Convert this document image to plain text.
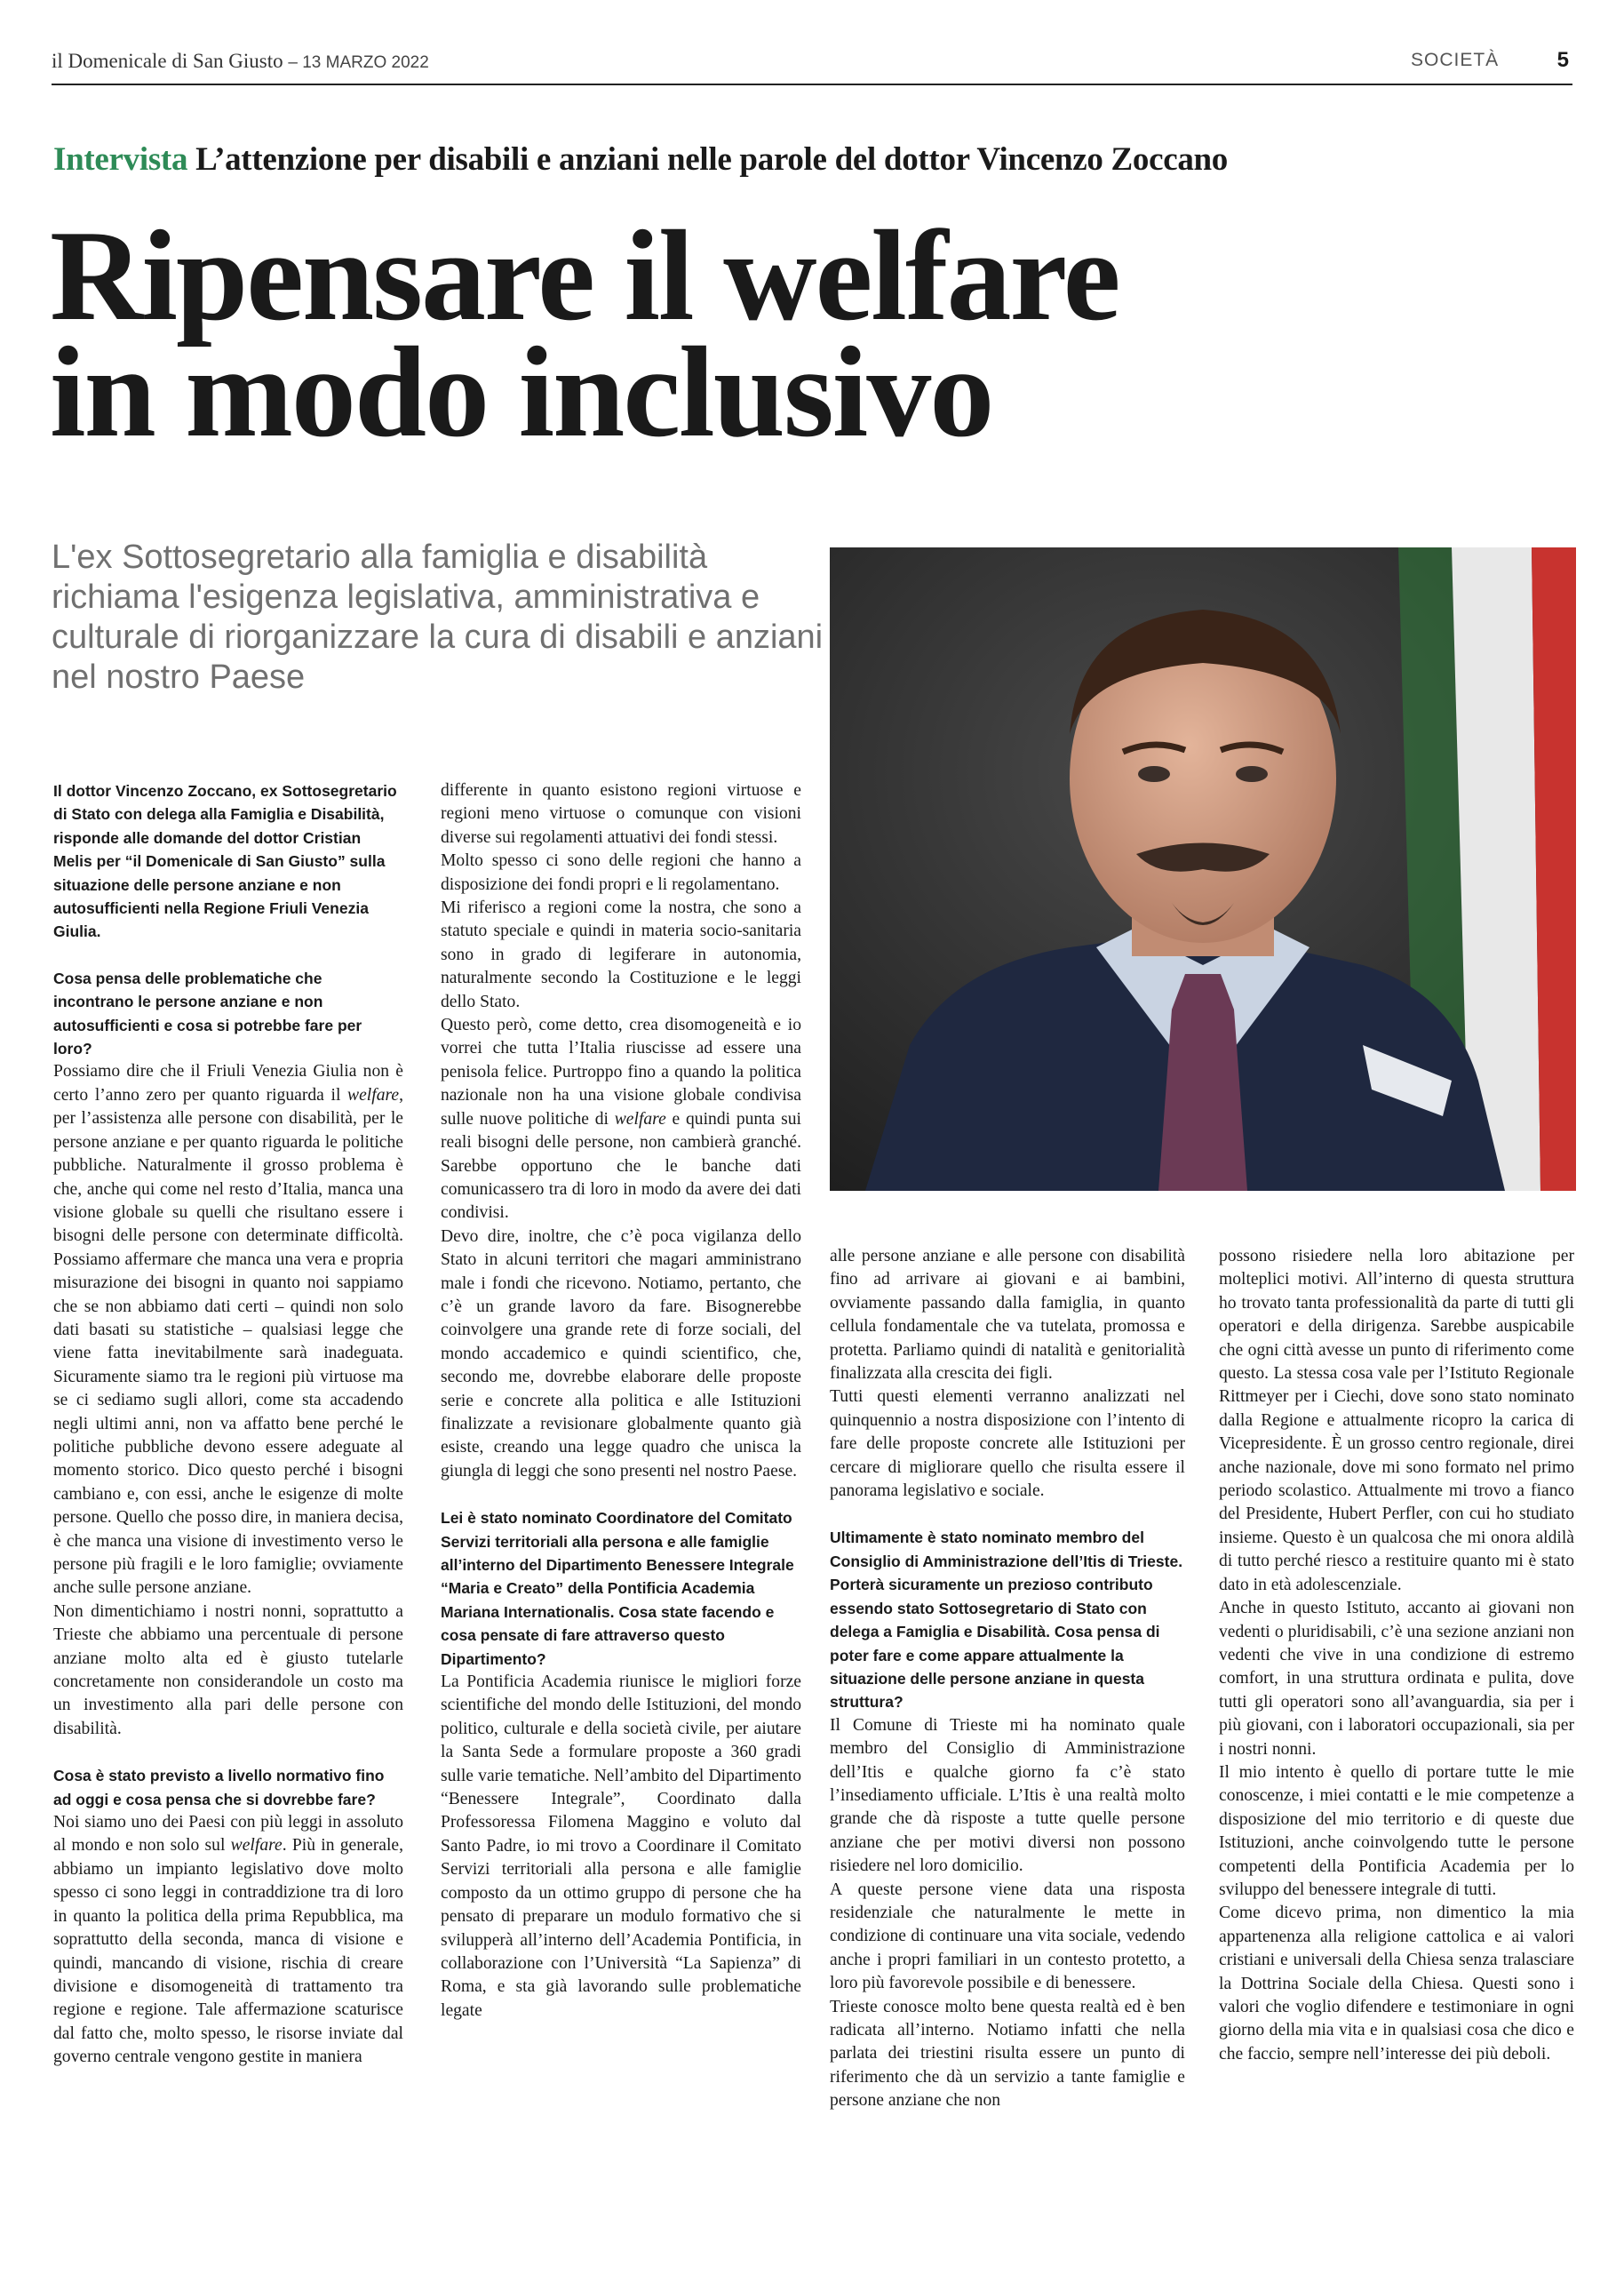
il Domenicale di San Giusto – 13 MARZO 2022	SOCIETÀ	5
Intervista L’attenzione per disabili e anziani nelle parole del dottor Vincenzo Zoccano
Ripensare il welfare
in modo inclusivo
L'ex Sottosegretario alla famiglia e disabilità richiama l'esigenza legislativa, amministrativa e culturale di riorganizzare la cura di disabili e anziani nel nostro Paese

Il dottor Vincenzo Zoccano, ex Sottosegretario di Stato con delega alla Famiglia e Disabilità, risponde alle domande del dottor Cristian Melis per “il Domenicale di San Giusto” sulla situazione delle persone anziane e non autosufficienti nella Regione Friuli Venezia Giulia.

Cosa pensa delle problematiche che incontrano le persone anziane e non autosufficienti e cosa si potrebbe fare per loro?

Possiamo dire che il Friuli Venezia Giulia non è certo l’anno zero per quanto riguarda il welfare, per l’assistenza alle persone con disabilità, per le persone anziane e per quanto riguarda le politiche pubbliche. Naturalmente il grosso problema è che, anche qui come nel resto d’Italia, manca una visione globale su quelli che risultano essere i bisogni delle persone con determinate difficoltà. Possiamo affermare che manca una vera e propria misurazione dei bisogni in quanto noi sappiamo che se non abbiamo dati certi – quindi non solo dati basati su statistiche – qualsiasi legge che viene fatta inevitabilmente sarà inadeguata. Sicuramente siamo tra le regioni più virtuose ma se ci sediamo sugli allori, come sta accadendo negli ultimi anni, non va affatto bene perché le politiche pubbliche devono essere adeguate al momento storico. Dico questo perché i bisogni cambiano e, con essi, anche le esigenze di molte persone. Quello che posso dire, in maniera decisa, è che manca una visione di investimento verso le persone più fragili e le loro famiglie; ovviamente anche sulle persone anziane.

Non dimentichiamo i nostri nonni, soprattutto a Trieste che abbiamo una percentuale di persone anziane molto alta ed è giusto tutelarle concretamente non considerandole un costo ma un investimento alla pari delle persone con disabilità.

Cosa è stato previsto a livello normativo fino ad oggi e cosa pensa che si dovrebbe fare?

Noi siamo uno dei Paesi con più leggi in assoluto al mondo e non solo sul welfare. Più in generale, abbiamo un impianto legislativo dove molto spesso ci sono leggi in contraddizione tra di loro in quanto la politica della prima Repubblica, ma soprattutto della seconda, manca di visione e quindi, mancando di visione, rischia di creare divisione e disomogeneità di trattamento tra regione e regione. Tale affermazione scaturisce dal fatto che, molto spesso, le risorse inviate dal governo centrale vengono gestite in maniera

differente in quanto esistono regioni virtuose e regioni meno virtuose o comunque con visioni diverse sui regolamenti attuativi dei fondi stessi.

Molto spesso ci sono delle regioni che hanno a disposizione dei fondi propri e li regolamentano.

Mi riferisco a regioni come la nostra, che sono a statuto speciale e quindi in materia socio-sanitaria sono in grado di legiferare in autonomia, naturalmente secondo la Costituzione e le leggi dello Stato.

Questo però, come detto, crea disomogeneità e io vorrei che tutta l’Italia riuscisse ad essere una penisola felice. Purtroppo fino a quando la politica nazionale non ha una visione globale condivisa sulle nuove politiche di welfare e quindi punta sui reali bisogni delle persone, non cambierà granché. Sarebbe opportuno che le banche dati comunicassero tra di loro in modo da avere dei dati condivisi.

Devo dire, inoltre, che c’è poca vigilanza dello Stato in alcuni territori che magari amministrano male i fondi che ricevono. Notiamo, pertanto, che c’è un grande lavoro da fare. Bisognerebbe coinvolgere una grande rete di forze sociali, del mondo accademico e quindi scientifico, che, secondo me, dovrebbe elaborare delle proposte serie e concrete alla politica e alle Istituzioni finalizzate a revisionare globalmente quanto già esiste, creando una legge quadro che unisca la giungla di leggi che sono presenti nel nostro Paese.

Lei è stato nominato Coordinatore del Comitato Servizi territoriali alla persona e alle famiglie all’interno del Dipartimento Benessere Integrale “Maria e Creato” della Pontificia Academia Mariana Internationalis. Cosa state facendo e cosa pensate di fare attraverso questo Dipartimento?

La Pontificia Academia riunisce le migliori forze scientifiche del mondo delle Istituzioni, del mondo politico, culturale e della società civile, per aiutare la Santa Sede a formulare proposte a 360 gradi sulle varie tematiche. Nell’ambito del Dipartimento “Benessere Integrale”, Coordinato dalla Professoressa Filomena Maggino e voluto dal Santo Padre, io mi trovo a Coordinare il Comitato Servizi territoriali alla persona e alle famiglie composto da un ottimo gruppo di persone che ha pensato di preparare un modulo formativo che si svilupperà all’interno dell’Academia Pontificia, in collaborazione con l’Università “La Sapienza” di Roma, e sta già lavorando sulle problematiche legate

alle persone anziane e alle persone con disabilità fino ad arrivare ai giovani e ai bambini, ovviamente passando dalla famiglia, in quanto cellula fondamentale che va tutelata, promossa e protetta. Parliamo quindi di natalità e genitorialità finalizzata alla crescita dei figli.

Tutti questi elementi verranno analizzati nel quinquennio a nostra disposizione con l’intento di fare delle proposte concrete alle Istituzioni per cercare di migliorare quello che risulta essere il panorama legislativo e sociale.

Ultimamente è stato nominato membro del Consiglio di Amministrazione dell’Itis di Trieste. Porterà sicuramente un prezioso contributo essendo stato Sottosegretario di Stato con delega a Famiglia e Disabilità. Cosa pensa di poter fare e come appare attualmente la situazione delle persone anziane in questa struttura?

Il Comune di Trieste mi ha nominato quale membro del Consiglio di Amministrazione dell’Itis e qualche giorno fa c’è stato l’insediamento ufficiale. L’Itis è una realtà molto grande che dà risposte a tutte quelle persone anziane che per motivi diversi non possono risiedere nel loro domicilio.

A queste persone viene data una risposta residenziale che naturalmente le mette in condizione di continuare una vita sociale, vedendo anche i propri familiari in un contesto protetto, a loro più favorevole possibile e di benessere.

Trieste conosce molto bene questa realtà ed è ben radicata all’interno. Notiamo infatti che nella parlata dei triestini risulta essere un punto di riferimento che dà un servizio a tante famiglie e persone anziane che non

possono risiedere nella loro abitazione per molteplici motivi. All’interno di questa struttura ho trovato tanta professionalità da parte di tutti gli operatori e della dirigenza. Sarebbe auspicabile che ogni città avesse un punto di riferimento come questo. La stessa cosa vale per l’Istituto Regionale Rittmeyer per i Ciechi, dove sono stato nominato dalla Regione e attualmente ricopro la carica di Vicepresidente. È un grosso centro regionale, direi anche nazionale, dove mi sono formato nel primo periodo scolastico. Attualmente mi trovo a fianco del Presidente, Hubert Perfler, con cui ho studiato insieme. Questo è un qualcosa che mi onora aldilà di tutto perché riesco a restituire quanto mi è stato dato in età adolescenziale.

Anche in questo Istituto, accanto ai giovani non vedenti o pluridisabili, c’è una sezione anziani non vedenti che vive in una condizione di estremo comfort, in una struttura ordinata e pulita, dove tutti gli operatori sono all’avanguardia, sia per i più giovani, con i laboratori occupazionali, sia per i nostri nonni.

Il mio intento è quello di portare tutte le mie conoscenze, i miei contatti e le mie competenze a disposizione del mio territorio e di queste due Istituzioni, anche coinvolgendo tutte le persone competenti della Pontificia Academia per lo sviluppo del benessere integrale di tutti.

Come dicevo prima, non dimentico la mia appartenenza alla religione cattolica e ai valori cristiani e universali della Chiesa senza tralasciare la Dottrina Sociale della Chiesa. Questi sono i valori che voglio difendere e testimoniare in ogni giorno della mia vita e in qualsiasi cosa che dico e che faccio, sempre nell’interesse dei più deboli.
